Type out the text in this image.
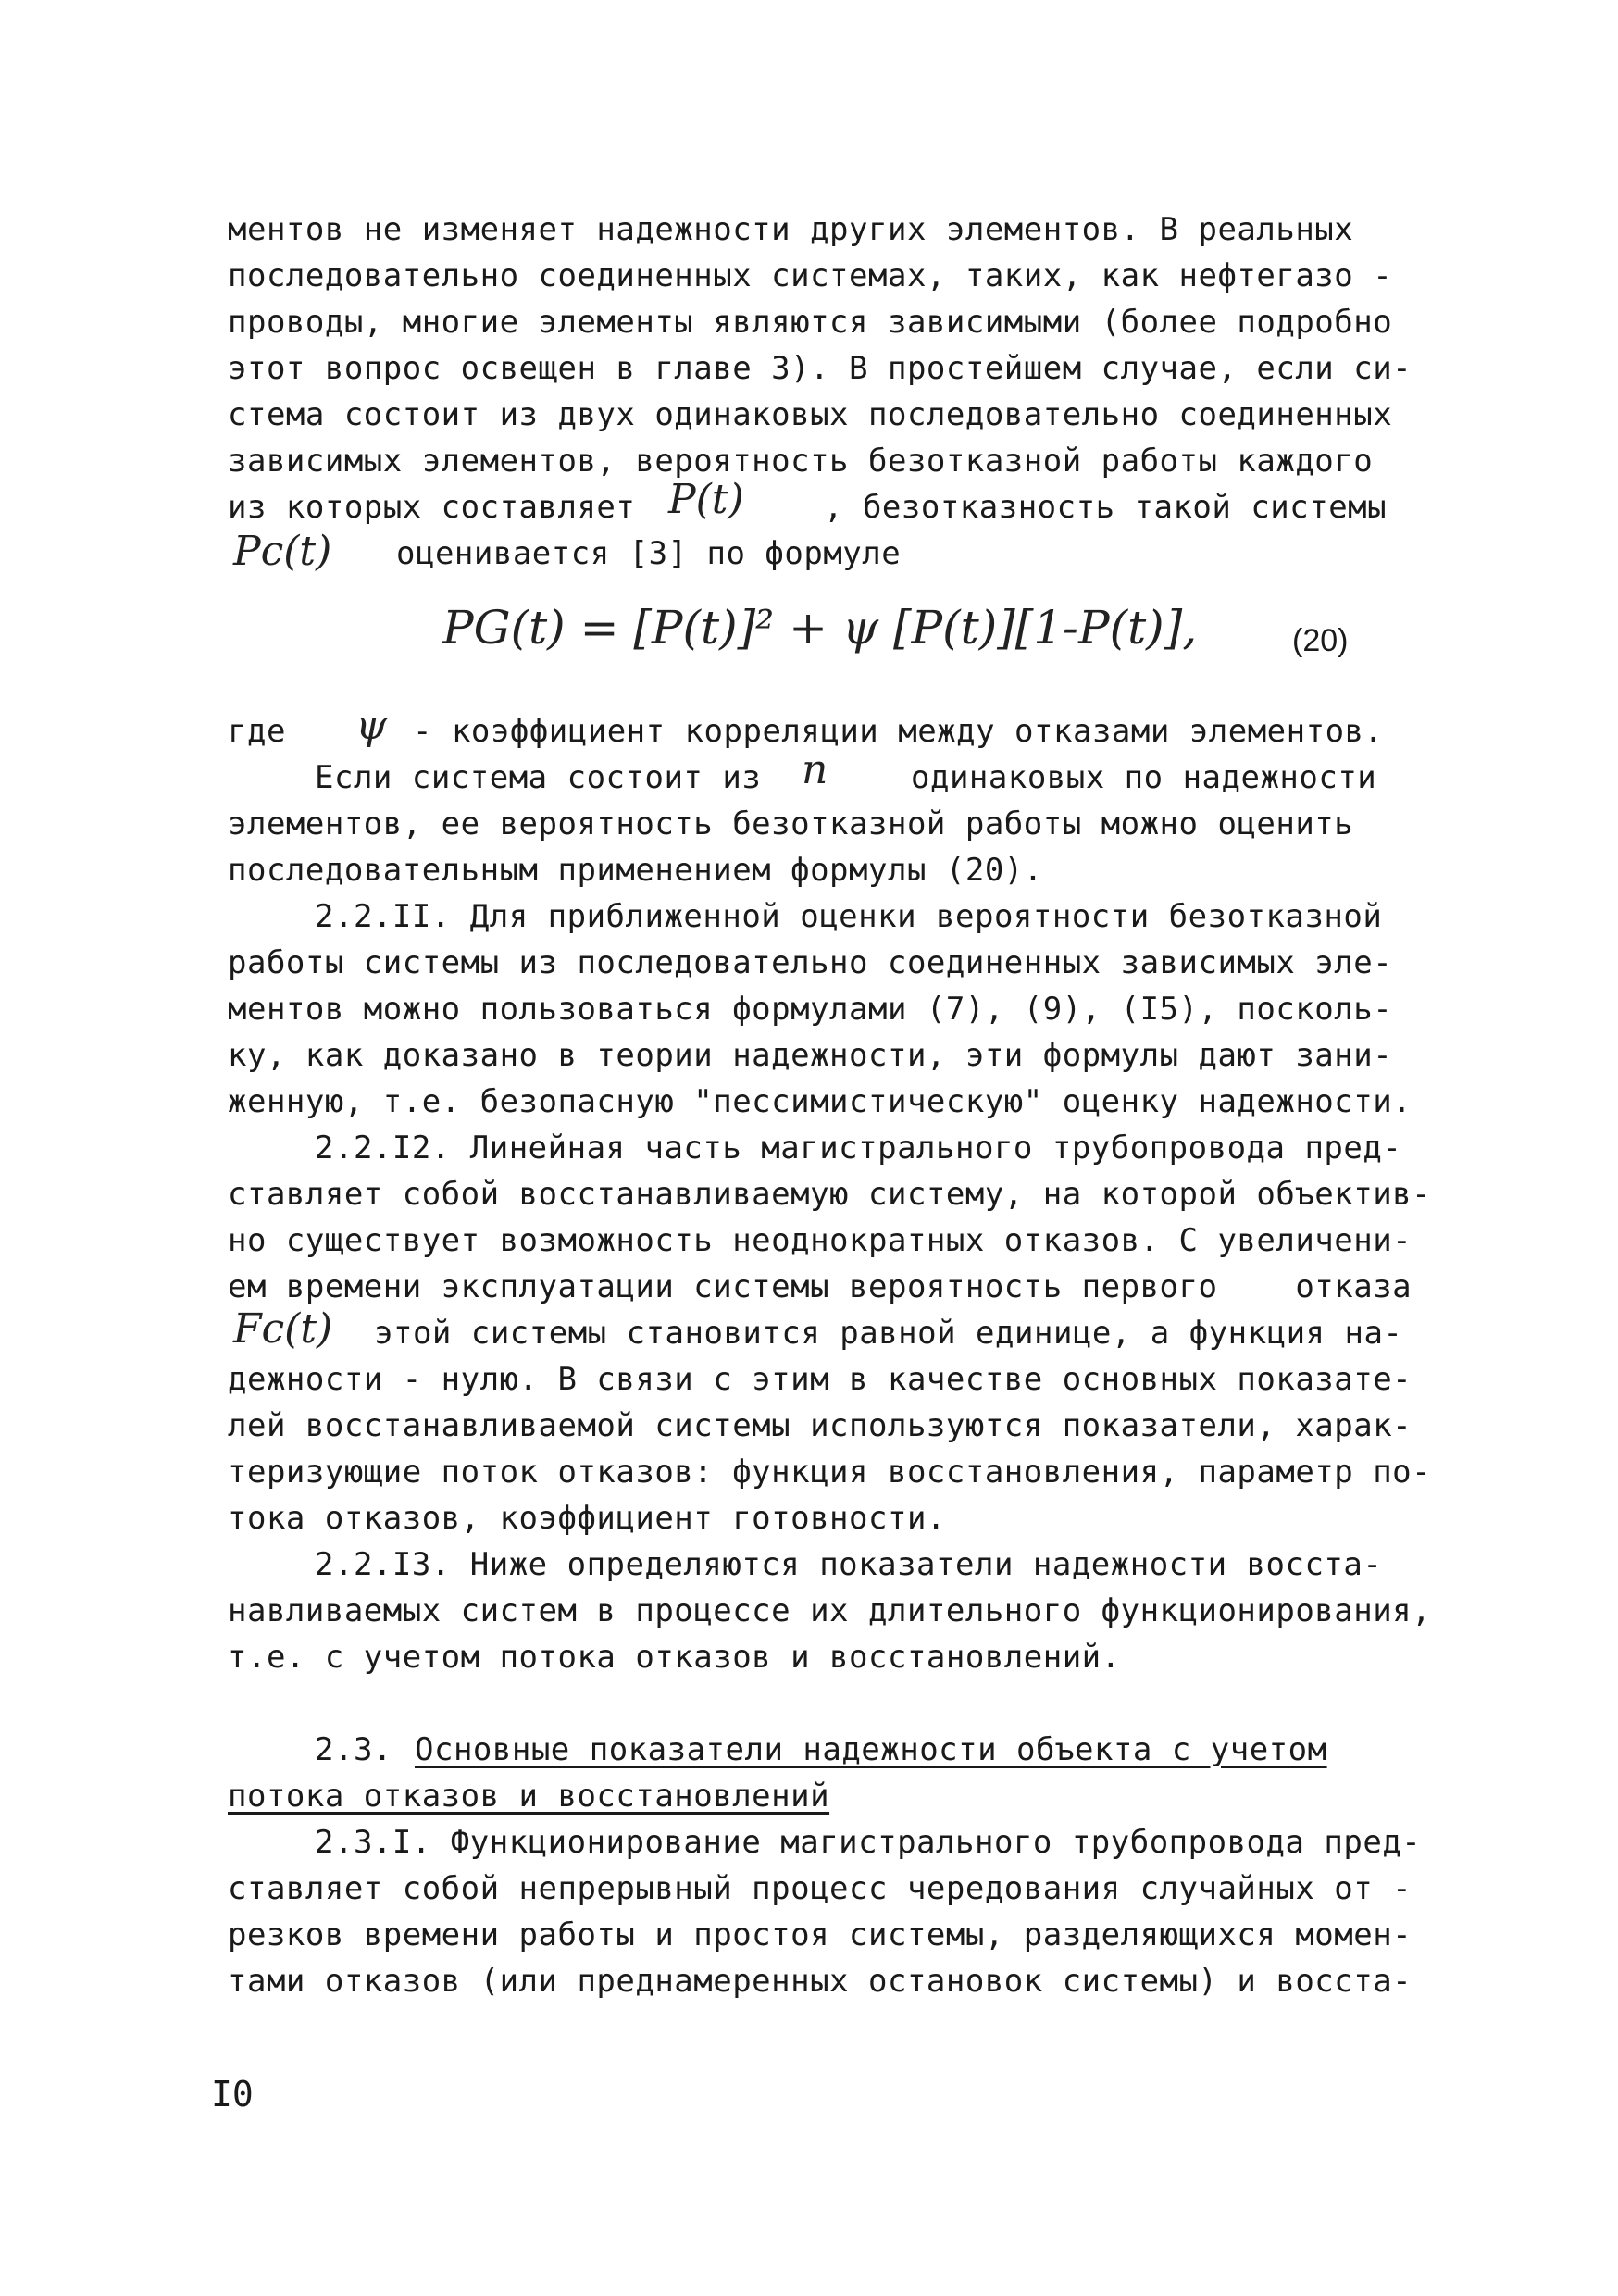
ментов не изменяет надежности других элементов. В реальных
последовательно соединенных системах, таких, как нефтегазо -
проводы, многие элементы являются зависимыми (более подробно
этот вопрос освещен в главе 3). В простейшем случае, если си-
стема состоит из двух одинаковых последовательно соединенных
зависимых элементов, вероятность безотказной работы каждого
из которых составляет P(t)	, безотказность такой системы
Pc(t) оценивается [3] по формуле
PG(t) = [P(t)]² + ψ [P(t)][1-P(t)],	(20)
где ψ - коэффициент корреляции между отказами элементов.
Если система состоит из n	одинаковых по надежности
элементов, ее вероятность безотказной работы можно оценить
последовательным применением формулы (20).
2.2.II. Для приближенной оценки вероятности безотказной
работы системы из последовательно соединенных зависимых эле-
ментов можно пользоваться формулами (7), (9), (I5), посколь-
ку, как доказано в теории надежности, эти формулы дают зани-
женную, т.е. безопасную "пессимистическую" оценку надежности.
2.2.I2. Линейная часть магистрального трубопровода пред-
ставляет собой восстанавливаемую систему, на которой объектив-
но существует возможность неоднократных отказов. С увеличени-
ем времени эксплуатации системы вероятность первого    отказа
Fc(t) этой системы становится равной единице, а функция на-
дежности - нулю. В связи с этим в качестве основных показате-
лей восстанавливаемой системы используются показатели, харак-
теризующие поток отказов: функция восстановления, параметр по-
тока отказов, коэффициент готовности.
2.2.I3. Ниже определяются показатели надежности восста-
навливаемых систем в процессе их длительного функционирования,
т.е. с учетом потока отказов и восстановлений.
2.3. Основные показатели надежности объекта с учетом
потока отказов и восстановлений
2.3.I. Функционирование магистрального трубопровода пред-
ставляет собой непрерывный процесс чередования случайных от -
резков времени работы и простоя системы, разделяющихся момен-
тами отказов (или преднамеренных остановок системы) и восста-
I0
